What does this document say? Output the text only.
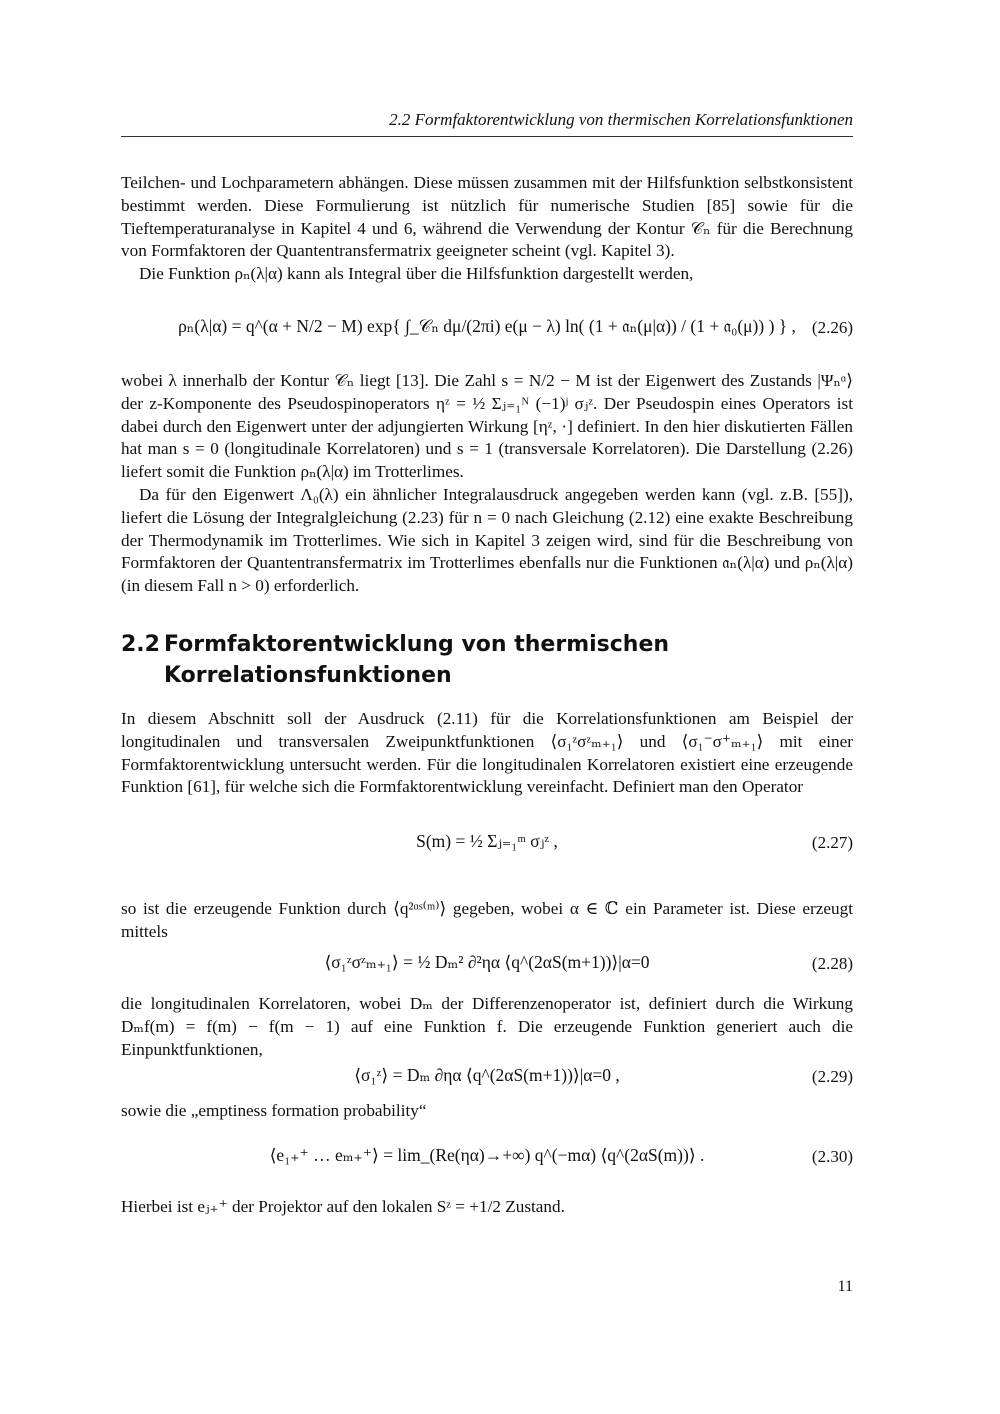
2.2 Formfaktorentwicklung von thermischen Korrelationsfunktionen

Teilchen- und Lochparametern abhängen. Diese müssen zusammen mit der Hilfsfunktion selbstkonsistent bestimmt werden. Diese Formulierung ist nützlich für numerische Studien [85] sowie für die Tieftemperaturanalyse in Kapitel 4 und 6, während die Verwendung der Kontur 𝒞ₙ für die Berechnung von Formfaktoren der Quantentransfermatrix geeigneter scheint (vgl. Kapitel 3).

Die Funktion ρₙ(λ|α) kann als Integral über die Hilfsfunktion dargestellt werden,

ρₙ(λ|α) = q^(α + N/2 − M) exp{ ∫_𝒞ₙ dμ/(2πi) e(μ − λ) ln( (1 + 𝔞ₙ(μ|α)) / (1 + 𝔞₀(μ)) ) } , (2.26)

wobei λ innerhalb der Kontur 𝒞ₙ liegt [13]. Die Zahl s = N/2 − M ist der Eigenwert des Zustands |Ψₙᵅ⟩ der z-Komponente des Pseudospinoperators ηᶻ = ½ Σⱼ₌₁ᴺ (−1)ʲ σⱼᶻ. Der Pseudospin eines Operators ist dabei durch den Eigenwert unter der adjungierten Wirkung [ηᶻ, ·] definiert. In den hier diskutierten Fällen hat man s = 0 (longitudinale Korrelatoren) und s = 1 (transversale Korrelatoren). Die Darstellung (2.26) liefert somit die Funktion ρₙ(λ|α) im Trotterlimes.

Da für den Eigenwert Λ₀(λ) ein ähnlicher Integralausdruck angegeben werden kann (vgl. z.B. [55]), liefert die Lösung der Integralgleichung (2.23) für n = 0 nach Gleichung (2.12) eine exakte Beschreibung der Thermodynamik im Trotterlimes. Wie sich in Kapitel 3 zeigen wird, sind für die Beschreibung von Formfaktoren der Quantentransfermatrix im Trotterlimes ebenfalls nur die Funktionen 𝔞ₙ(λ|α) und ρₙ(λ|α) (in diesem Fall n > 0) erforderlich.

2.2 Formfaktorentwicklung von thermischen Korrelationsfunktionen

In diesem Abschnitt soll der Ausdruck (2.11) für die Korrelationsfunktionen am Beispiel der longitudinalen und transversalen Zweipunktfunktionen ⟨σ₁ᶻσᶻₘ₊₁⟩ und ⟨σ₁⁻σ⁺ₘ₊₁⟩ mit einer Formfaktorentwicklung untersucht werden. Für die longitudinalen Korrelatoren existiert eine erzeugende Funktion [61], für welche sich die Formfaktorentwicklung vereinfacht. Definiert man den Operator

S(m) = ½ Σⱼ₌₁ᵐ σⱼᶻ ,	(2.27)

so ist die erzeugende Funktion durch ⟨q²ᵅˢ⁽ᵐ⁾⟩ gegeben, wobei α ∈ ℂ ein Parameter ist. Diese erzeugt mittels

⟨σ₁ᶻσᶻₘ₊₁⟩ = ½ Dₘ² ∂²ηα ⟨q^(2αS(m+1))⟩|α=0	(2.28)

die longitudinalen Korrelatoren, wobei Dₘ der Differenzenoperator ist, definiert durch die Wirkung Dₘf(m) = f(m) − f(m − 1) auf eine Funktion f. Die erzeugende Funktion generiert auch die Einpunktfunktionen,

⟨σ₁ᶻ⟩ = Dₘ ∂ηα ⟨q^(2αS(m+1))⟩|α=0 ,	(2.29)

sowie die „emptiness formation probability“

⟨e₁₊⁺ … eₘ₊⁺⟩ = lim_(Re(ηα)→+∞) q^(−mα) ⟨q^(2αS(m))⟩ .	(2.30)

Hierbei ist eⱼ₊⁺ der Projektor auf den lokalen Sᶻ = +1/2 Zustand.

11
